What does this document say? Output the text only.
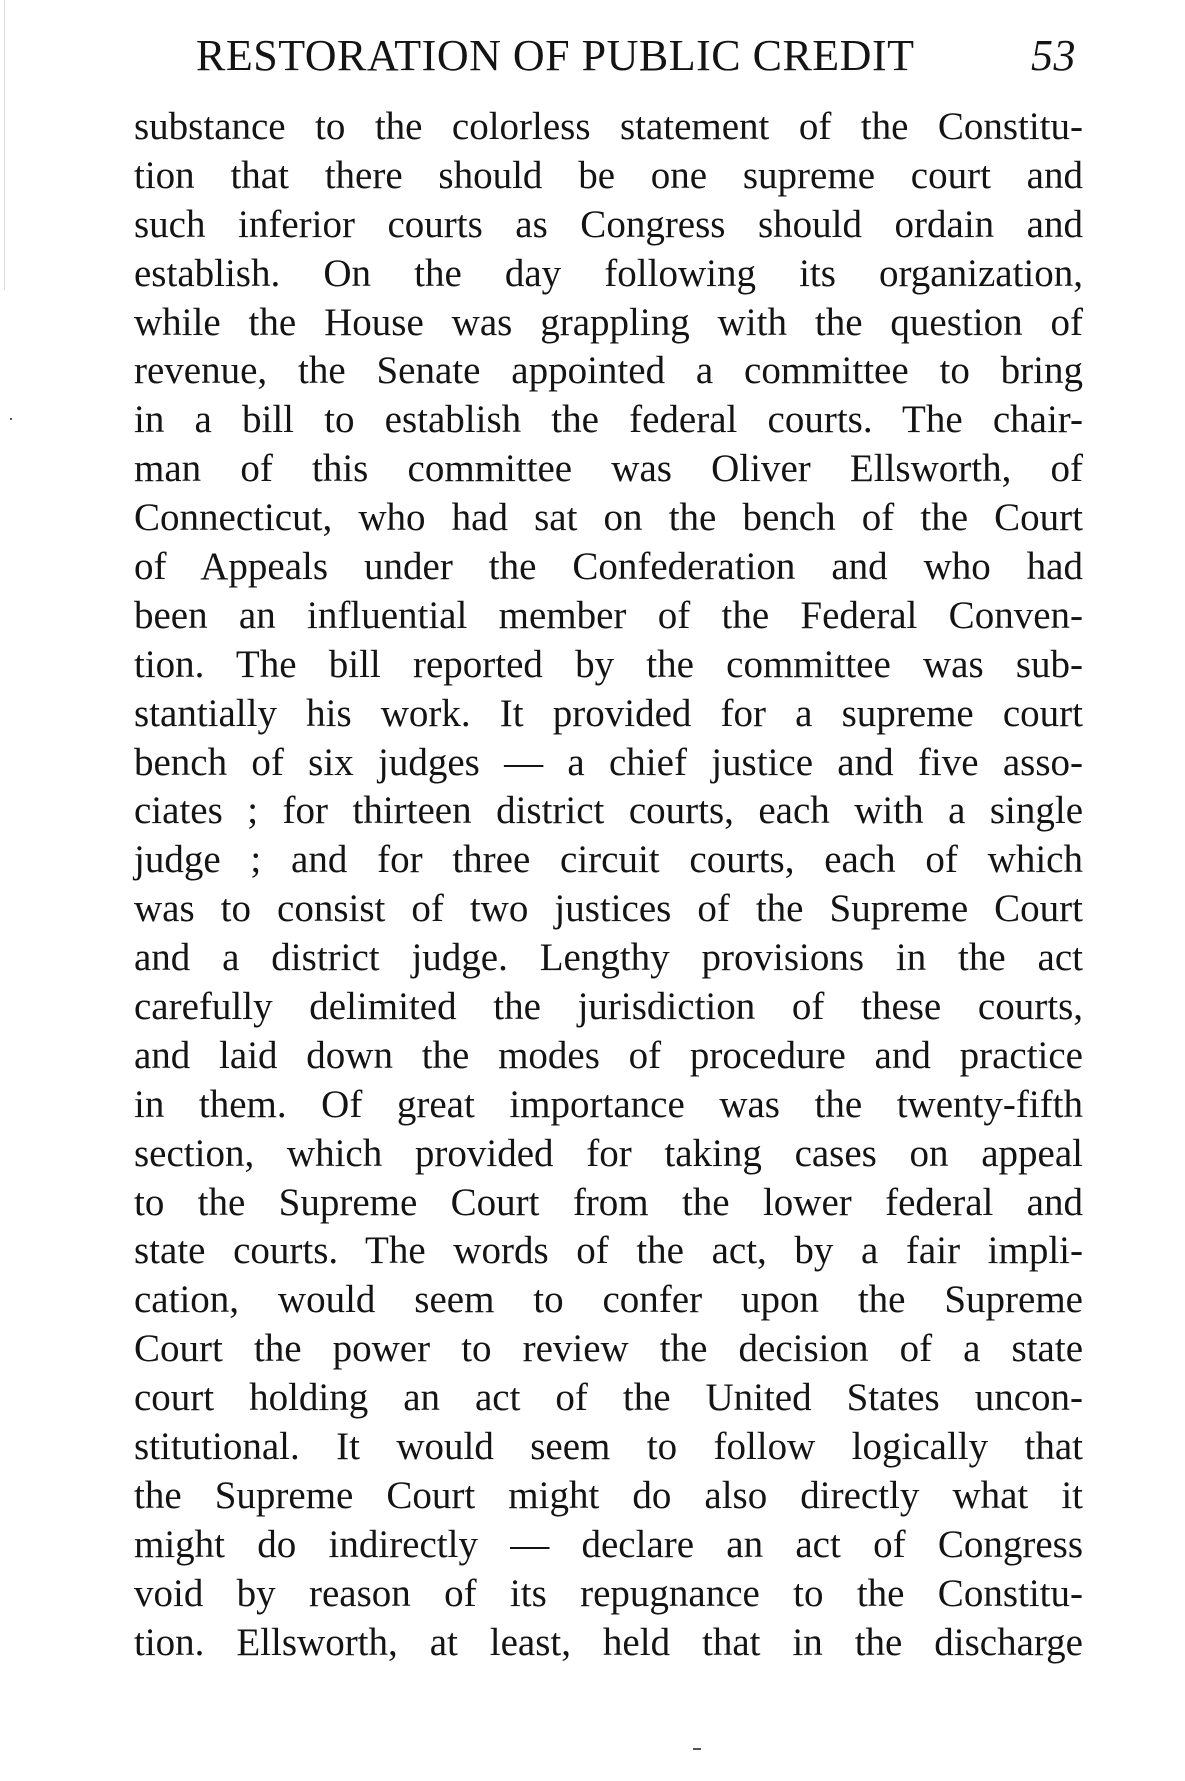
RESTORATION OF PUBLIC CREDIT	53
substance to the colorless statement of the Constitu-
tion that there should be one supreme court and
such inferior courts as Congress should ordain and
establish. On the day following its organization,
while the House was grappling with the question of
revenue, the Senate appointed a committee to bring
in a bill to establish the federal courts. The chair-
man of this committee was Oliver Ellsworth, of
Connecticut, who had sat on the bench of the Court
of Appeals under the Confederation and who had
been an influential member of the Federal Conven-
tion. The bill reported by the committee was sub-
stantially his work. It provided for a supreme court
bench of six judges — a chief justice and five asso-
ciates ; for thirteen district courts, each with a single
judge ; and for three circuit courts, each of which
was to consist of two justices of the Supreme Court
and a district judge. Lengthy provisions in the act
carefully delimited the jurisdiction of these courts,
and laid down the modes of procedure and practice
in them. Of great importance was the twenty-fifth
section, which provided for taking cases on appeal
to the Supreme Court from the lower federal and
state courts. The words of the act, by a fair impli-
cation, would seem to confer upon the Supreme
Court the power to review the decision of a state
court holding an act of the United States uncon-
stitutional. It would seem to follow logically that
the Supreme Court might do also directly what it
might do indirectly — declare an act of Congress
void by reason of its repugnance to the Constitu-
tion. Ellsworth, at least, held that in the discharge
